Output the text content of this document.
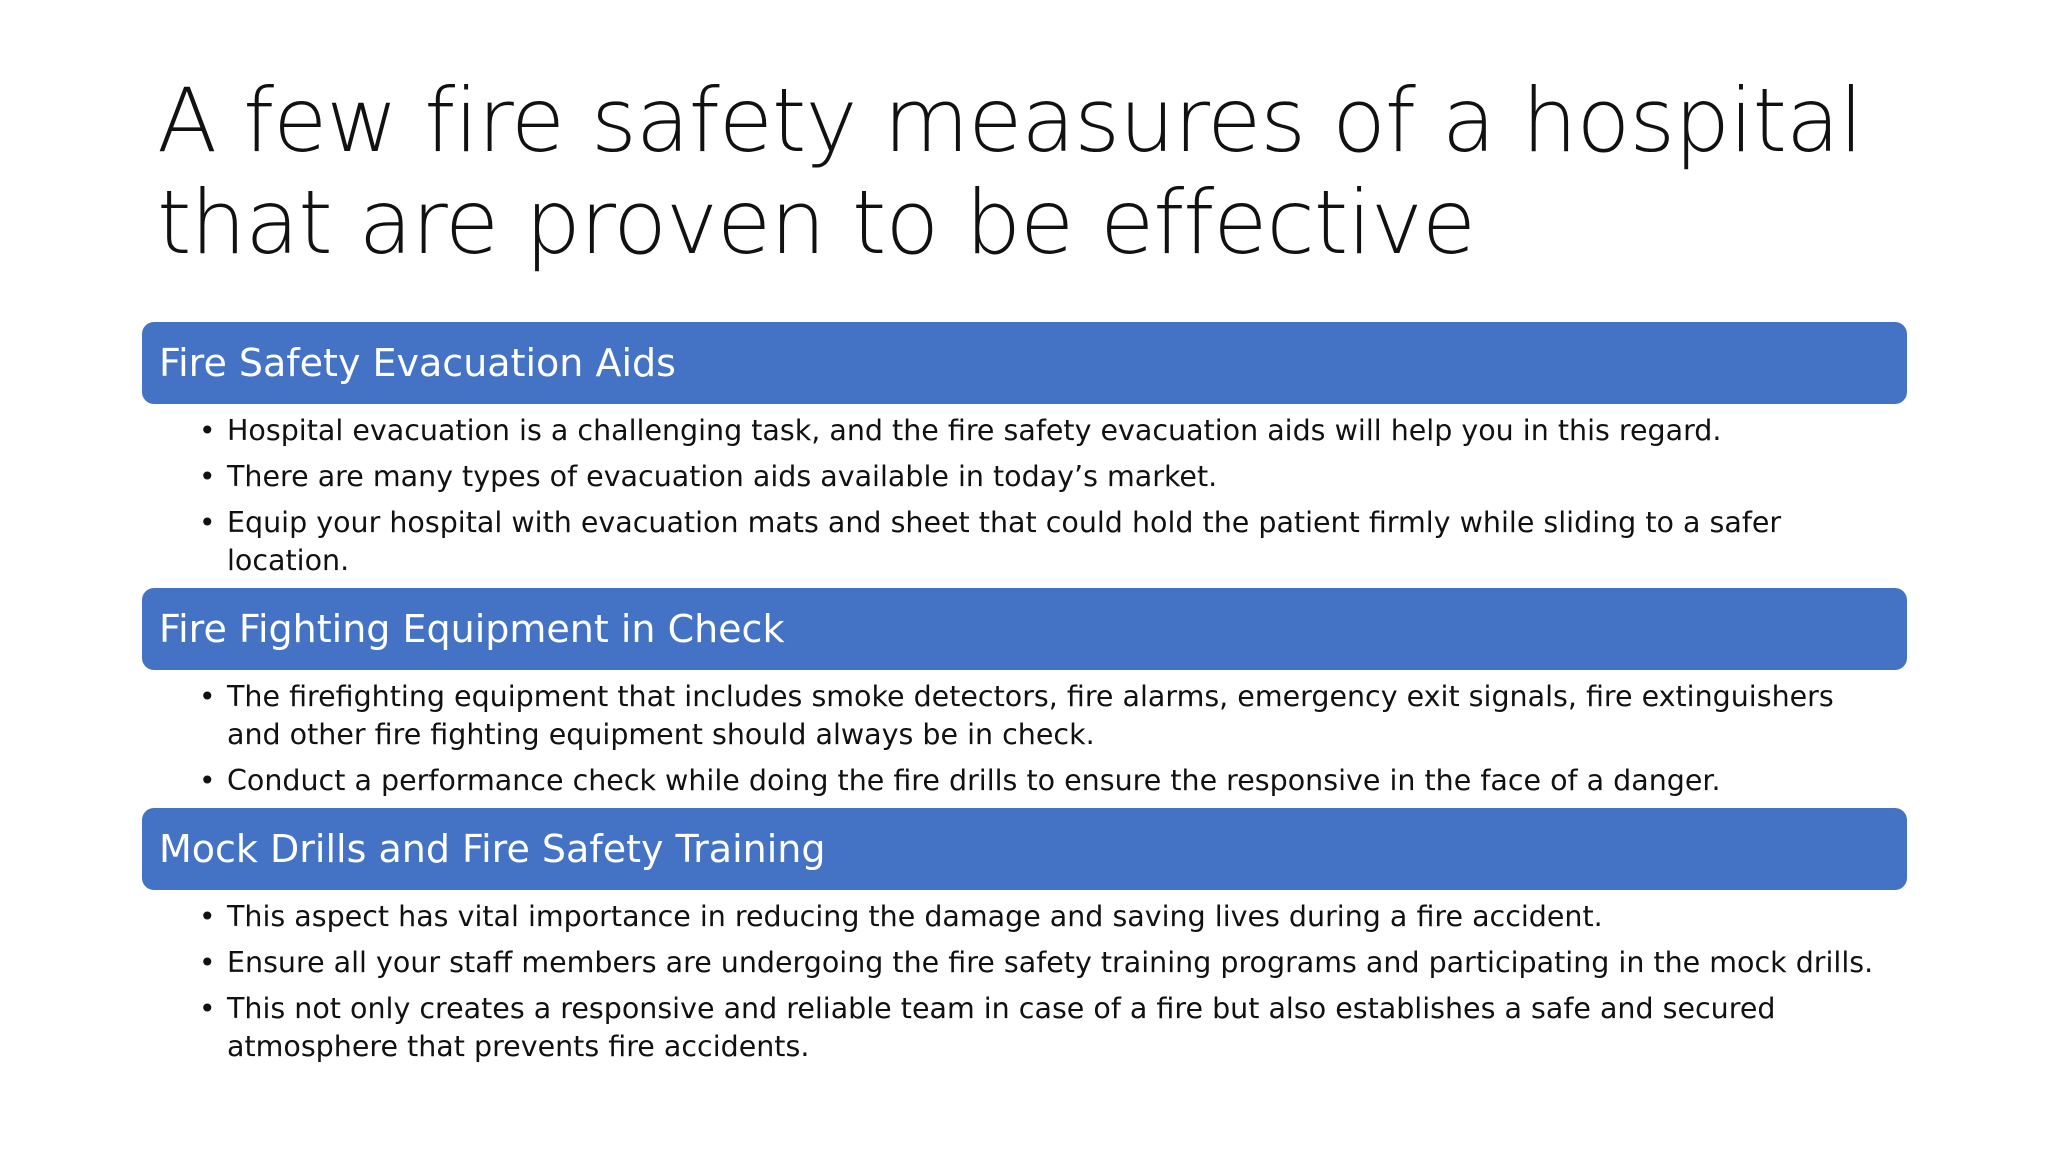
A few fire safety measures of a hospital that are proven to be effective
Fire Safety Evacuation Aids
• Hospital evacuation is a challenging task, and the fire safety evacuation aids will help you in this regard.
• There are many types of evacuation aids available in today’s market.
• Equip your hospital with evacuation mats and sheet that could hold the patient firmly while sliding to a safer location.
Fire Fighting Equipment in Check
• The firefighting equipment that includes smoke detectors, fire alarms, emergency exit signals, fire extinguishers and other fire fighting equipment should always be in check.
• Conduct a performance check while doing the fire drills to ensure the responsive in the face of a danger.
Mock Drills and Fire Safety Training
• This aspect has vital importance in reducing the damage and saving lives during a fire accident.
• Ensure all your staff members are undergoing the fire safety training programs and participating in the mock drills.
• This not only creates a responsive and reliable team in case of a fire but also establishes a safe and secured atmosphere that prevents fire accidents.
